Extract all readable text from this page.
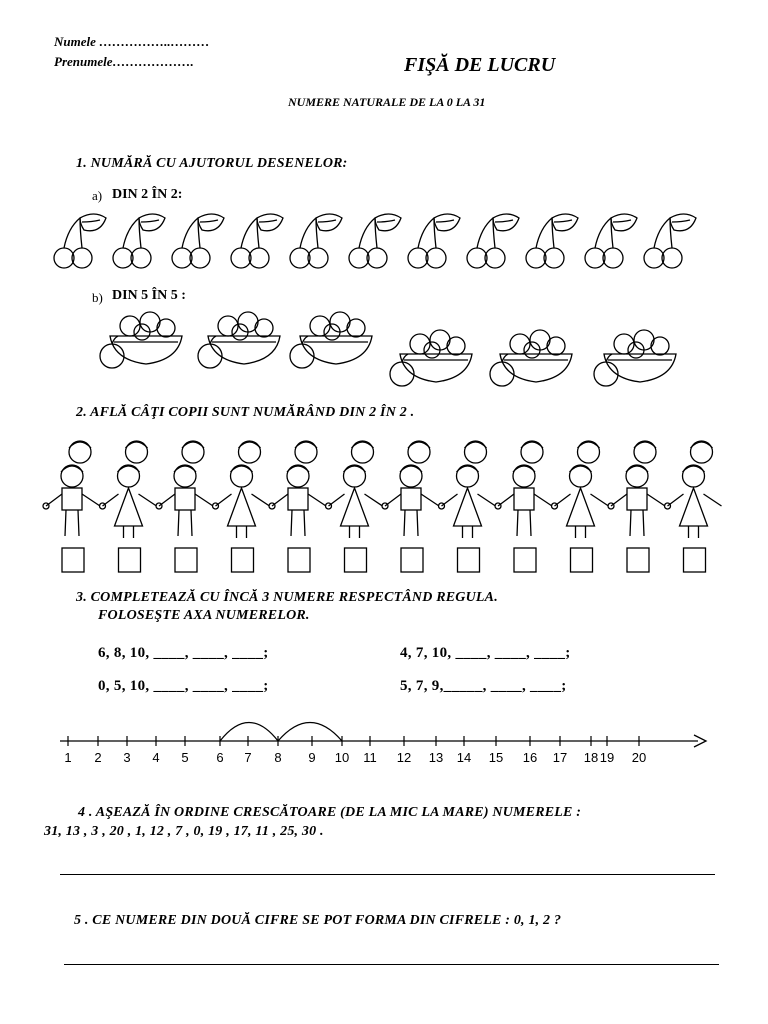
Numele ……………..………
Prenumele……………….	FIŞĂ DE LUCRU
NUMERE NATURALE DE LA 0 LA 31
1. NUMĂRĂ CU AJUTORUL DESENELOR:
a) DIN 2 ÎN 2:
b) DIN 5 ÎN 5 :
2. AFLĂ CÂŢI COPII SUNT NUMĂRÂND DIN 2 ÎN 2 .
3. COMPLETEAZĂ CU ÎNCĂ 3 NUMERE RESPECTÂND REGULA.
FOLOSEŞTE AXA NUMERELOR.
6, 8, 10, ____, ____, ____;	4, 7, 10, ____, ____, ____;
0, 5, 10, ____, ____, ____;	5, 7, 9,_____, ____, ____;
1 2 3 4 5 6 7 8 9 10 11 12 13 14 15 16 17 18 19 20
4 . AŞEAZĂ ÎN ORDINE CRESCĂTOARE (DE LA MIC LA MARE) NUMERELE :
31, 13 , 3 , 20 , 1, 12 , 7 , 0, 19 , 17, 11 , 25, 30 .
5 . CE NUMERE DIN DOUĂ CIFRE SE POT FORMA DIN CIFRELE : 0, 1, 2 ?
